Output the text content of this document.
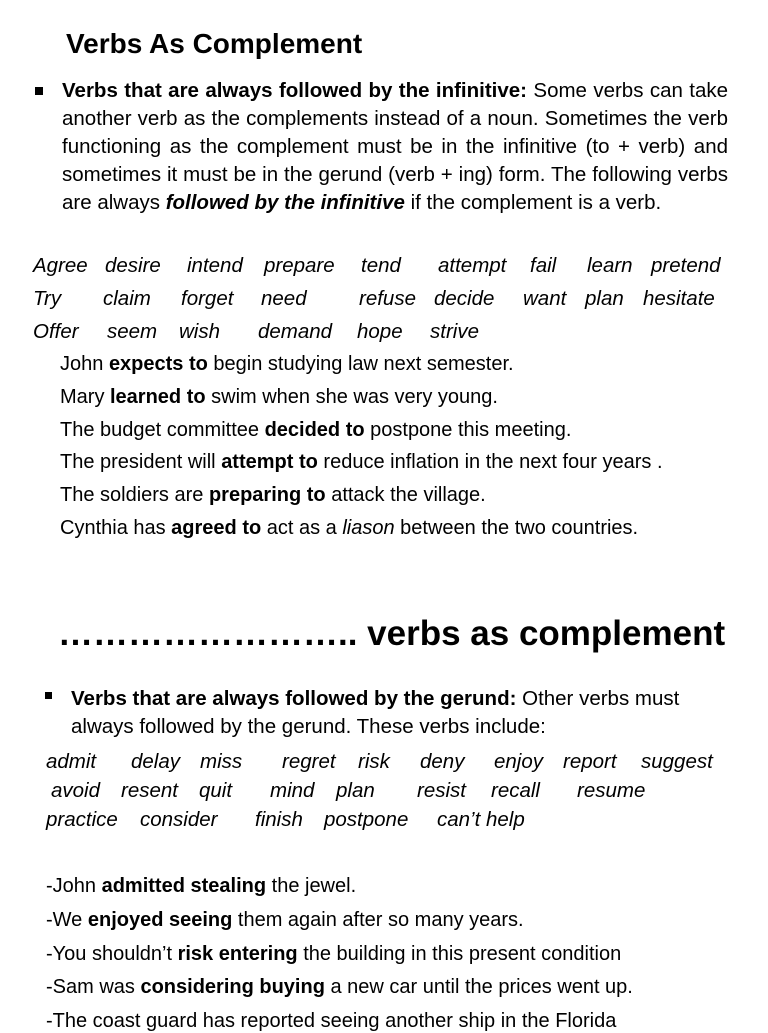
Verbs As Complement
Verbs that are always followed by the infinitive: Some verbs can take another verb as the complements instead of a noun. Sometimes the verb functioning as the complement must be in the infinitive (to + verb) and sometimes it must be in the gerund (verb + ing) form. The following verbs are always followed by the infinitive if the complement is a verb.
Agree desire intend prepare tend attempt fail learn pretend
Try claim forget need	refuse decide want plan hesitate
Offer seem wish demand hope strive
John expects to begin studying law next semester.
Mary learned to swim when she was very young.
The budget committee decided to postpone this meeting.
The president will attempt to reduce inflation in the next four years .
The soldiers are preparing to attack the village.
Cynthia has agreed to act as a liason between the two countries.
…………………….. verbs as complement
Verbs that are always followed by the gerund: Other verbs must always followed by the gerund. These verbs include:
admit delay miss regret risk deny enjoy report suggest
avoid resent quit mind plan resist recall resume
practice consider finish postpone can’t help
-John admitted stealing the jewel.
-We enjoyed seeing them again after so many years.
-You shouldn’t risk entering the building in this present condition
-Sam was considering buying a new car until the prices went up.
-The coast guard has reported seeing another ship in the Florida
